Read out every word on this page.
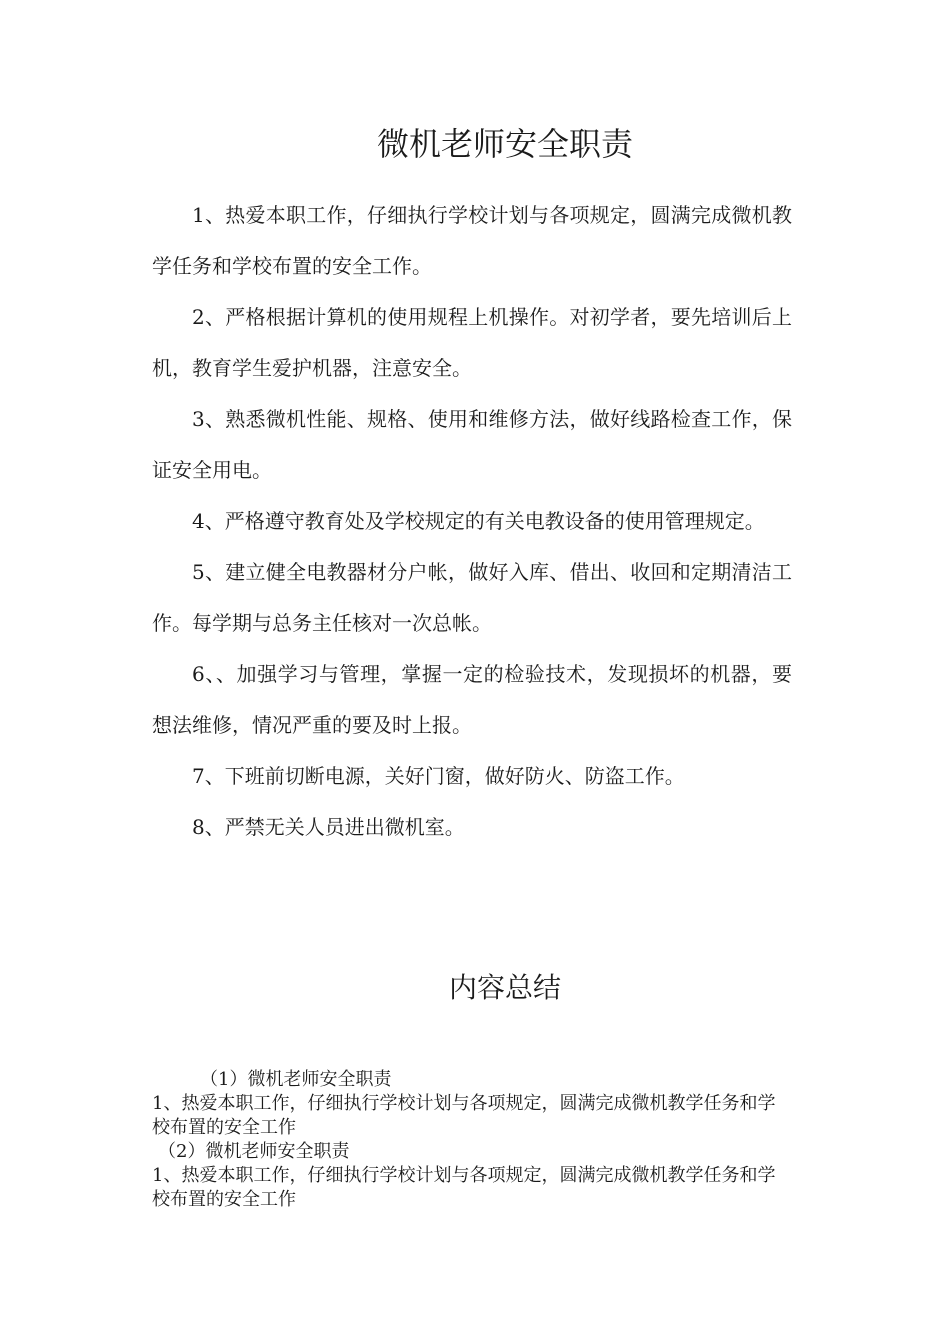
微机老师安全职责

1、热爱本职工作，仔细执行学校计划与各项规定，圆满完成微机教学任务和学校布置的安全工作。

2、严格根据计算机的使用规程上机操作。对初学者，要先培训后上机，教育学生爱护机器，注意安全。

3、熟悉微机性能、规格、使用和维修方法，做好线路检查工作，保证安全用电。

4、严格遵守教育处及学校规定的有关电教设备的使用管理规定。

5、建立健全电教器材分户帐，做好入库、借出、收回和定期清洁工作。每学期与总务主任核对一次总帐。

6、、加强学习与管理，掌握一定的检验技术，发现损坏的机器，要想法维修，情况严重的要及时上报。

7、下班前切断电源，关好门窗，做好防火、防盗工作。

8、严禁无关人员进出微机室。

内容总结

（1）微机老师安全职责

1、热爱本职工作，仔细执行学校计划与各项规定，圆满完成微机教学任务和学校布置的安全工作

（2）微机老师安全职责

1、热爱本职工作，仔细执行学校计划与各项规定，圆满完成微机教学任务和学校布置的安全工作
